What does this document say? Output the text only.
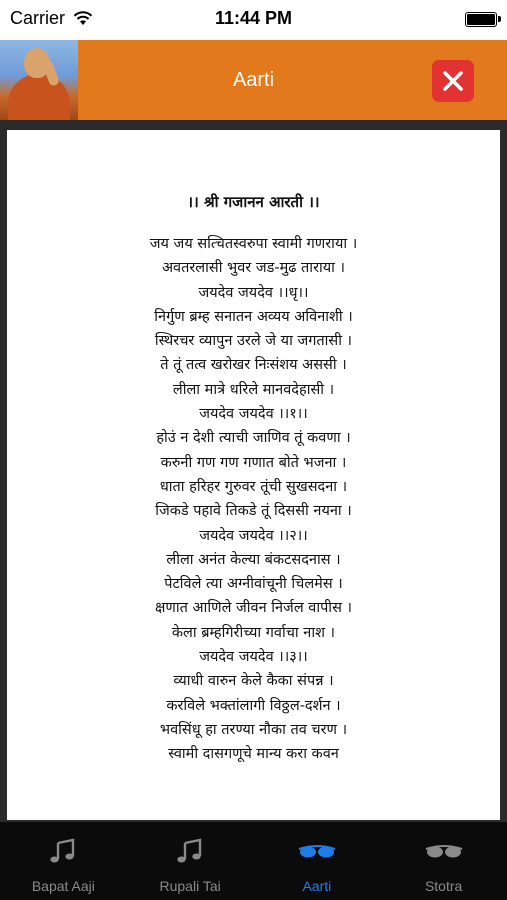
Carrier	11:44 PM
Aarti
।। श्री गजानन आरती ।।
जय जय सत्चितस्वरुपा स्वामी गणराया ।
अवतरलासी भुवर जड-मुढ ताराया ।
जयदेव जयदेव ।।धृ।।
निर्गुण ब्रम्ह सनातन अव्यय अविनाशी ।
स्थिरचर व्यापुन उरले जे या जगतासी ।
ते तूं तत्व खरोखर निःसंशय अससी ।
लीला मात्रे धरिले मानवदेहासी ।
जयदेव जयदेव ।।१।।
होउं न देशी त्याची जाणिव तूं कवणा ।
करुनी गण गण गणात बोते भजना ।
धाता हरिहर गुरुवर तूंची सुखसदना ।
जिकडे पहावे तिकडे तूं दिससी नयना ।
जयदेव जयदेव ।।२।।
लीला अनंत केल्या बंकटसदनास ।
पेटविले त्या अग्नीवांचूनी चिलमेस ।
क्षणात आणिले जीवन निर्जल वापीस ।
केला ब्रम्हगिरीच्या गर्वाचा नाश ।
जयदेव जयदेव ।।३।।
व्याधी वारुन केले कैका संपन्न ।
करविले भक्तांलागी विठ्ठल-दर्शन ।
भवसिंधू हा तरण्या नौका तव चरण ।
स्वामी दासगणूचे मान्य करा कवन
Bapat Aaji	Rupali Tai	Aarti	Stotra
